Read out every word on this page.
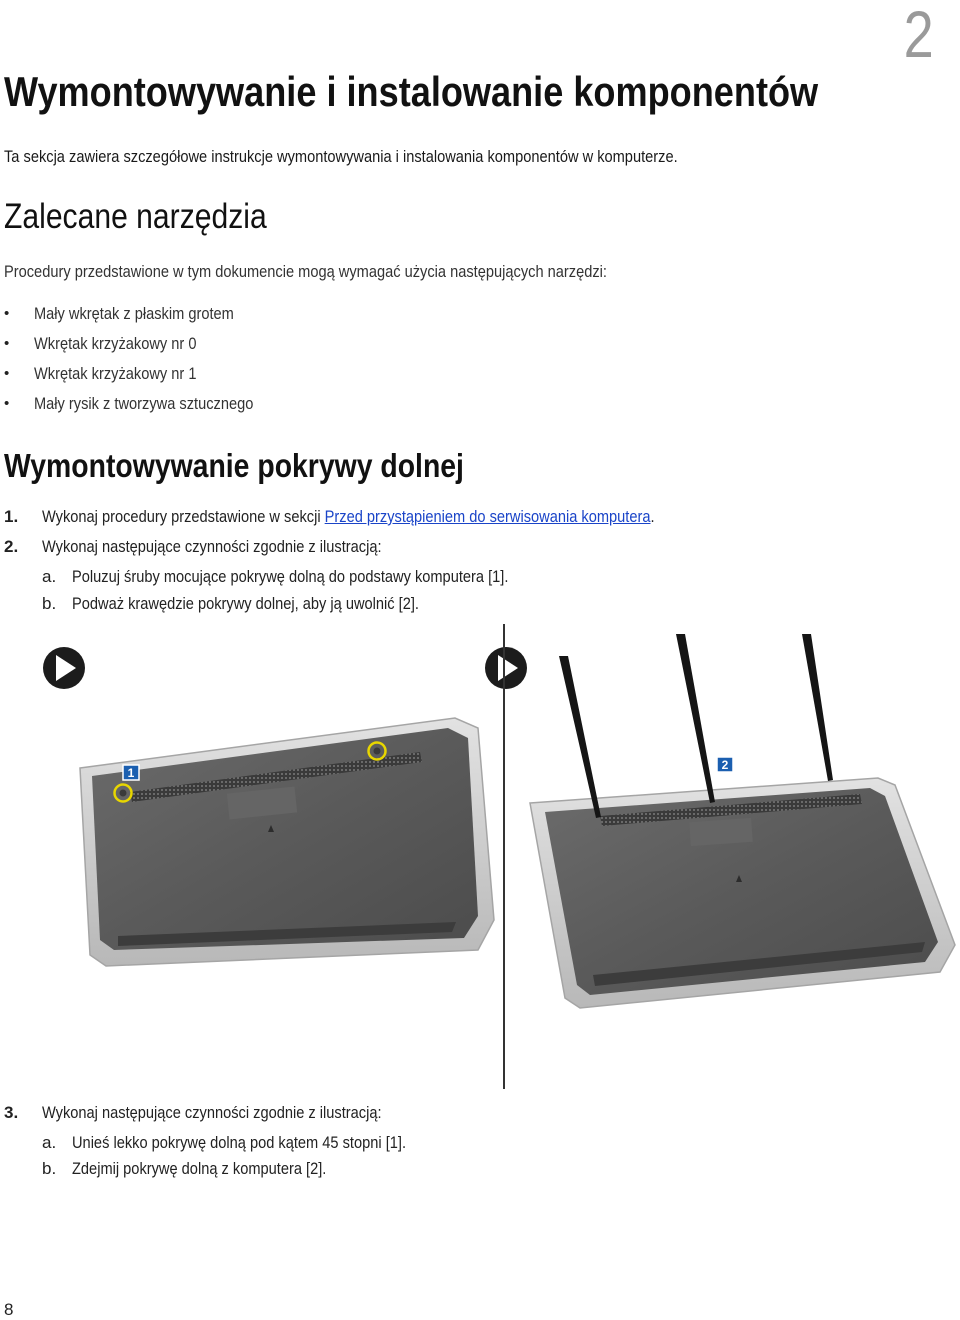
2
Wymontowywanie i instalowanie komponentów

Ta sekcja zawiera szczegółowe instrukcje wymontowywania i instalowania komponentów w komputerze.

Zalecane narzędzia

Procedury przedstawione w tym dokumencie mogą wymagać użycia następujących narzędzi:

• Mały wkrętak z płaskim grotem
• Wkrętak krzyżakowy nr 0
• Wkrętak krzyżakowy nr 1
• Mały rysik z tworzywa sztucznego
Wymontowywanie pokrywy dolnej
1. Wykonaj procedury przedstawione w sekcji Przed przystąpieniem do serwisowania komputera.
2. Wykonaj następujące czynności zgodnie z ilustracją:
a. Poluzuj śruby mocujące pokrywę dolną do podstawy komputera [1].
b. Podważ krawędzie pokrywy dolnej, aby ją uwolnić [2].
1
2
3. Wykonaj następujące czynności zgodnie z ilustracją:
a. Unieś lekko pokrywę dolną pod kątem 45 stopni [1].
b. Zdejmij pokrywę dolną z komputera [2].
8
